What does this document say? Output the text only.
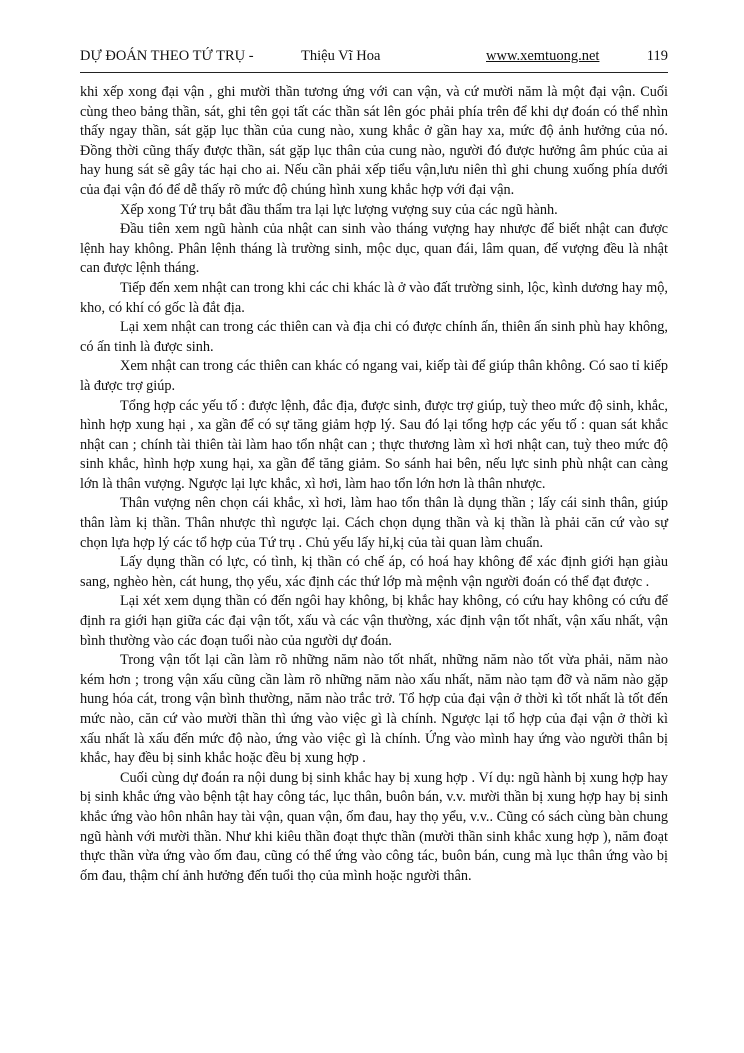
DỰ ĐOÁN THEO TỨ TRỤ -	Thiệu Vĩ Hoa	www.xemtuong.net	119

khi xếp xong đại vận , ghi mười thần tương ứng với can vận, và cứ mười năm là một đại vận. Cuối cùng theo bảng thần, sát, ghi tên gọi tất các thần sát lên góc phải phía trên để khi dự đoán có thể nhìn thấy ngay thần, sát gặp lục thần của cung nào, xung khắc ở gần hay xa, mức độ ảnh hưởng của nó. Đồng thời cũng thấy được thần, sát gặp lục thân của cung nào, người đó được hưởng âm phúc của ai hay hung sát sẽ gây tác hại cho ai. Nếu cần phải xếp tiểu vận,lưu niên thì ghi chung xuống phía dưới của đại vận đó để dễ thấy rõ mức độ chúng hình xung khắc hợp với đại vận.

Xếp xong Tứ trụ bắt đầu thẩm tra lại lực lượng vượng suy của các ngũ hành.

Đầu tiên xem ngũ hành của nhật can sinh vào tháng vượng hay nhược để biết nhật can được lệnh hay không. Phân lệnh tháng là trường sinh, mộc dục, quan đái, lâm quan, đế vượng đều là nhật can được lệnh tháng.

Tiếp đến xem nhật can trong khi các chi khác là ở vào đất trường sinh, lộc, kình dương hay mộ, kho, có khí có gốc là đắt địa.

Lại xem nhật can trong các thiên can và địa chi có được chính ấn, thiên ấn sinh phù hay không, có ấn tinh là được sinh.

Xem nhật can trong các thiên can khác có ngang vai, kiếp tài để giúp thân không. Có sao tỉ kiếp là được trợ giúp.

Tổng hợp các yếu tố : được lệnh, đắc địa, được sinh, được trợ giúp, tuỳ theo mức độ sinh, khắc, hình hợp xung hại , xa gần để có sự tăng giảm hợp lý. Sau đó lại tổng hợp các yếu tố : quan sát khắc nhật can ; chính tài thiên tài làm hao tổn nhật can ; thực thương làm xì hơi nhật can, tuỳ theo mức độ sinh khắc, hình hợp xung hại, xa gần để tăng giảm. So sánh hai bên, nếu lực sinh phù nhật can càng lớn là thân vượng. Ngược lại lực khắc, xì hơi, làm hao tổn lớn hơn là thân nhược.

Thân vượng nên chọn cái khắc, xì hơi, làm hao tổn thân là dụng thần ; lấy cái sinh thân, giúp thân làm kị thần. Thân nhược thì ngược lại. Cách chọn dụng thần và kị thần là phải căn cứ vào sự chọn lựa hợp lý các tổ hợp của Tứ trụ . Chủ yếu lấy hỉ,kị của tài quan làm chuẩn.

Lấy dụng thần có lực, có tình, kị thần có chế áp, có hoá hay không để xác định giới hạn giàu sang, nghèo hèn, cát hung, thọ yểu, xác định các thứ lớp mà mệnh vận người đoán có thể đạt được .

Lại xét xem dụng thần có đến ngôi hay không, bị khắc hay không, có cứu hay không có cứu để định ra giới hạn giữa các đại vận tốt, xấu và các vận thường, xác định vận tốt nhất, vận xấu nhất, vận bình thường vào các đoạn tuổi nào của người dự đoán.

Trong vận tốt lại cần làm rõ những năm nào tốt nhất, những năm nào tốt vừa phải, năm nào kém hơn ; trong vận xấu cũng cần làm rõ những năm nào xấu nhất, năm nào tạm đỡ và năm nào gặp hung hóa cát, trong vận bình thường, năm nào trắc trở. Tổ hợp của đại vận ở thời kì tốt nhất là tốt đến mức nào, căn cứ vào mười thần thì ứng vào việc gì là chính. Ngược lại tổ hợp của đại vận ở thời kì xấu nhất là xấu đến mức độ nào, ứng vào việc gì là chính. Ứng vào mình hay ứng vào người thân bị khắc, hay đều bị sinh khắc hoặc đều bị xung hợp .

Cuối cùng dự đoán ra nội dung bị sinh khắc hay bị xung hợp . Ví dụ: ngũ hành bị xung hợp hay bị sinh khắc ứng vào bệnh tật hay công tác, lục thân, buôn bán, v.v. mười thần bị xung hợp hay bị sinh khắc ứng vào hôn nhân hay tài vận, quan vận, ốm đau, hay thọ yểu, v.v.. Cũng có sách cùng bàn chung ngũ hành với mười thần. Như khi kiêu thần đoạt thực thần (mười thần sinh khắc xung hợp ), năm đoạt thực thần vừa ứng vào ốm đau, cũng có thể ứng vào công tác, buôn bán, cung mà lục thân ứng vào bị ốm đau, thậm chí ảnh hưởng đến tuổi thọ của mình hoặc người thân.
